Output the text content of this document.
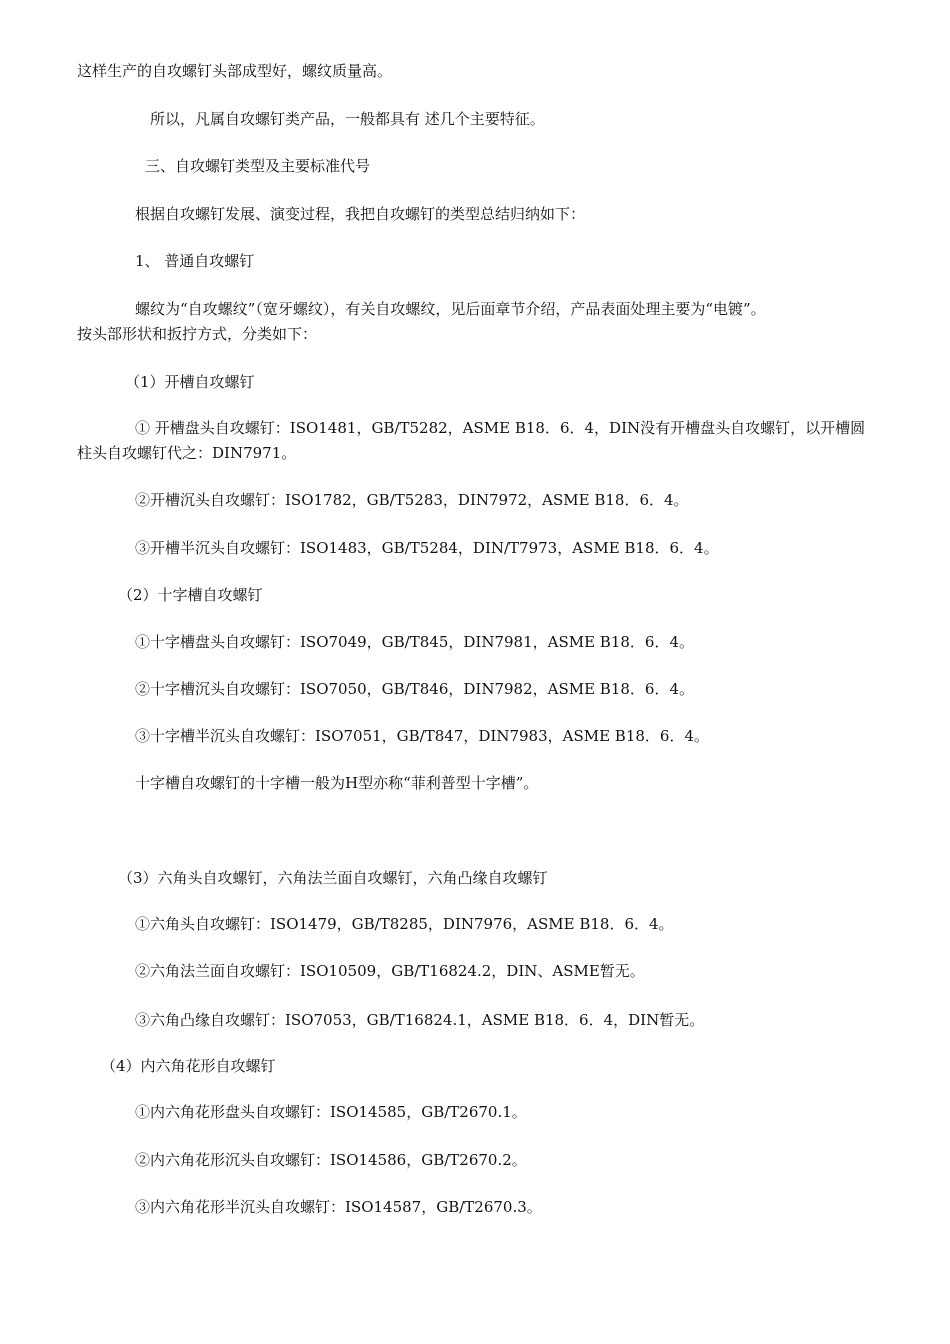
这样生产的自攻螺钉头部成型好，螺纹质量高。
所以，凡属自攻螺钉类产品，一般都具有 述几个主要特征。
三、自攻螺钉类型及主要标准代号
根据自攻螺钉发展、演变过程，我把自攻螺钉的类型总结归纳如下：
1、 普通自攻螺钉
螺纹为“自攻螺纹”（宽牙螺纹），有关自攻螺纹，见后面章节介绍，产品表面处理主要为“电镀”。
按头部形状和扳拧方式，分类如下：
（1）开槽自攻螺钉
① 开槽盘头自攻螺钉：ISO1481，GB/T5282，ASME B18．6．4，DIN没有开槽盘头自攻螺钉，以开槽圆
柱头自攻螺钉代之：DIN7971。
②开槽沉头自攻螺钉：ISO1782，GB/T5283，DIN7972，ASME B18．6．4。
③开槽半沉头自攻螺钉：ISO1483，GB/T5284，DIN/T7973，ASME B18．6．4。
（2）十字槽自攻螺钉
①十字槽盘头自攻螺钉：ISO7049，GB/T845，DIN7981，ASME B18．6．4。
②十字槽沉头自攻螺钉：ISO7050，GB/T846，DIN7982，ASME B18．6．4。
③十字槽半沉头自攻螺钉：ISO7051，GB/T847，DIN7983，ASME B18．6．4。
十字槽自攻螺钉的十字槽一般为H型亦称“菲利普型十字槽”。
（3）六角头自攻螺钉，六角法兰面自攻螺钉，六角凸缘自攻螺钉
①六角头自攻螺钉：ISO1479，GB/T8285，DIN7976，ASME B18．6．4。
②六角法兰面自攻螺钉：ISO10509，GB/T16824.2，DIN、ASME暂无。
③六角凸缘自攻螺钉：ISO7053，GB/T16824.1，ASME B18．6．4，DIN暂无。
（4）内六角花形自攻螺钉
①内六角花形盘头自攻螺钉：ISO14585，GB/T2670.1。
②内六角花形沉头自攻螺钉：ISO14586，GB/T2670.2。
③内六角花形半沉头自攻螺钉：ISO14587，GB/T2670.3。
